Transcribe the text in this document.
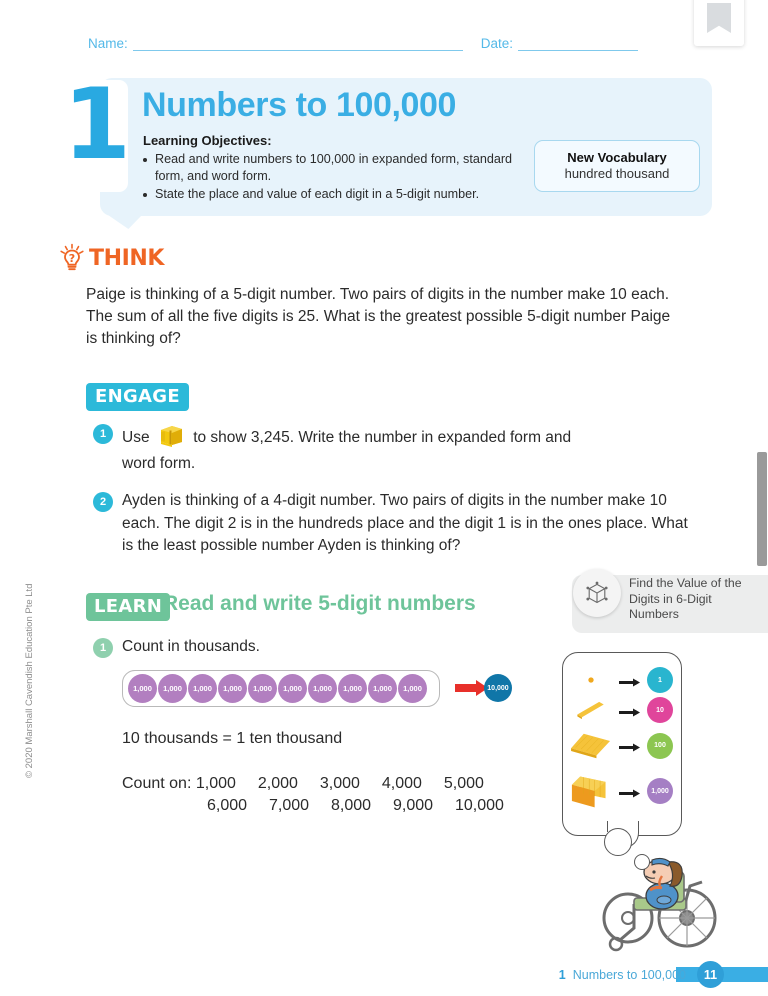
Name:	Date:
1 Numbers to 100,000
Learning Objectives:
Read and write numbers to 100,000 in expanded form, standard form, and word form.
State the place and value of each digit in a 5-digit number.
New Vocabulary
hundred thousand
? THINK
Paige is thinking of a 5-digit number. Two pairs of digits in the number make 10 each. The sum of all the five digits is 25. What is the greatest possible 5-digit number Paige is thinking of?
ENGAGE
1	Use	to show 3,245. Write the number in expanded form and
word form.
2	Ayden is thinking of a 4-digit number. Two pairs of digits in the number make 10 each. The digit 2 is in the hundreds place and the digit 1 is in the ones place. What is the least possible number Ayden is thinking of?
LEARN Read and write 5-digit numbers
Find the Value of the Digits in 6-Digit Numbers
1	Count in thousands.
1,000	1,000	1,000	1,000	1,000	1,000	1,000	1,000	1,000	1,000	10,000
10 thousands = 1 ten thousand
Count on: 1,000	2,000	3,000	4,000	5,000
6,000	7,000	8,000	9,000	10,000
1
10
100
1,000
© 2020 Marshall Cavendish Education Pte Ltd
1 Numbers to 100,000	11
